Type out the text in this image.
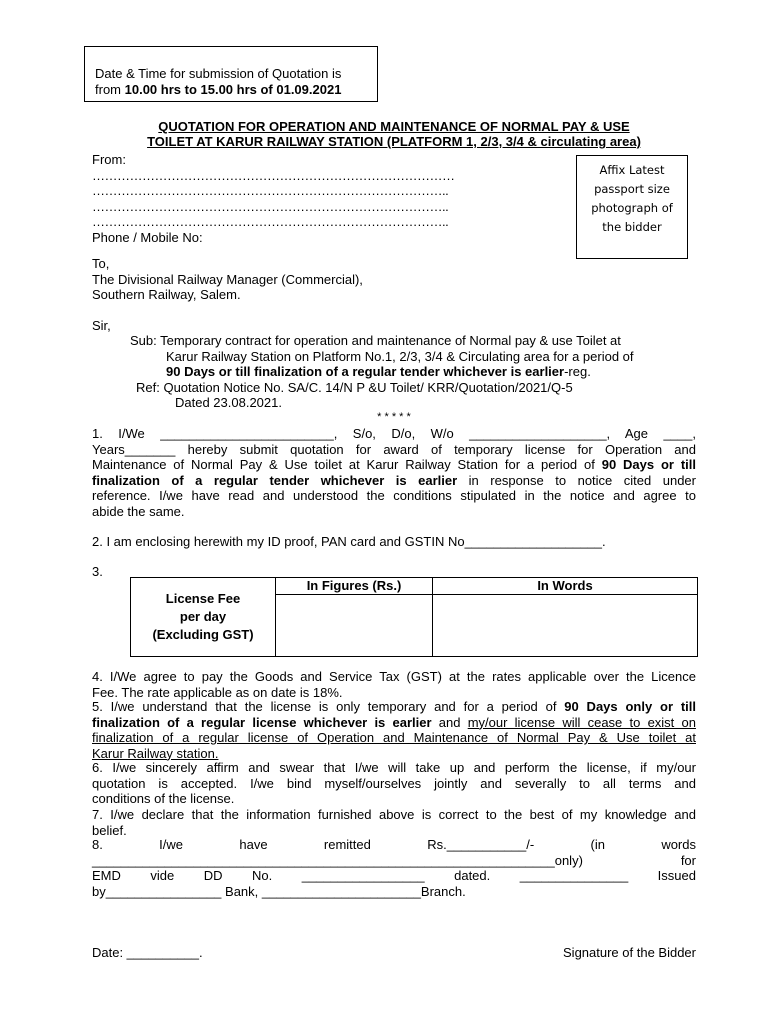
Date & Time for submission of Quotation is
from 10.00 hrs to 15.00 hrs of 01.09.2021
QUOTATION FOR OPERATION AND MAINTENANCE OF NORMAL PAY & USE
TOILET AT KARUR RAILWAY STATION (PLATFORM 1, 2/3, 3/4 & circulating area)
Affix Latest
passport size
photograph of
the bidder
From:
……………………………………………………………………………
…………………………………………………………………………..
…………………………………………………………………………..
…………………………………………………………………………..
Phone / Mobile No:
To,
The Divisional Railway Manager (Commercial),
Southern Railway, Salem.
Sir,
Sub: Temporary contract for operation and maintenance of Normal pay & use Toilet at
Karur Railway Station on Platform No.1, 2/3, 3/4 & Circulating area for a period of
90 Days or till finalization of a regular tender whichever is earlier-reg.
Ref: Quotation Notice No. SA/C. 14/N P &U Toilet/ KRR/Quotation/2021/Q-5
Dated 23.08.2021.
* * * * *
1. I/We ________________________, S/o, D/o, W/o ___________________, Age ____,
Years_______ hereby submit quotation for award of temporary license for Operation and
Maintenance of Normal Pay & Use toilet at Karur Railway Station for a period of 90 Days or till
finalization of a regular tender whichever is earlier in response to notice cited under
reference. I/we have read and understood the conditions stipulated in the notice and agree to
abide the same.
2. I am enclosing herewith my ID proof, PAN card and GSTIN No___________________.
3.
License Fee
per day
(Excluding GST)	In Figures (Rs.)	In Words

4. I/We agree to pay the Goods and Service Tax (GST) at the rates applicable over the Licence
Fee. The rate applicable as on date is 18%.
5. I/we understand that the license is only temporary and for a period of 90 Days only or till
finalization of a regular license whichever is earlier and my/our license will cease to exist on
finalization of a regular license of Operation and Maintenance of Normal Pay & Use toilet at
Karur Railway station.
6. I/we sincerely affirm and swear that I/we will take up and perform the license, if my/our
quotation is accepted. I/we bind myself/ourselves jointly and severally to all terms and
conditions of the license.
7. I/we declare that the information furnished above is correct to the best of my knowledge and
belief.
8. I/we have remitted Rs.___________/- (in words
________________________________________________________________only) for
EMD vide DD No. _________________ dated. _______________ Issued
by________________ Bank, ______________________Branch.
Date: __________.	Signature of the Bidder
